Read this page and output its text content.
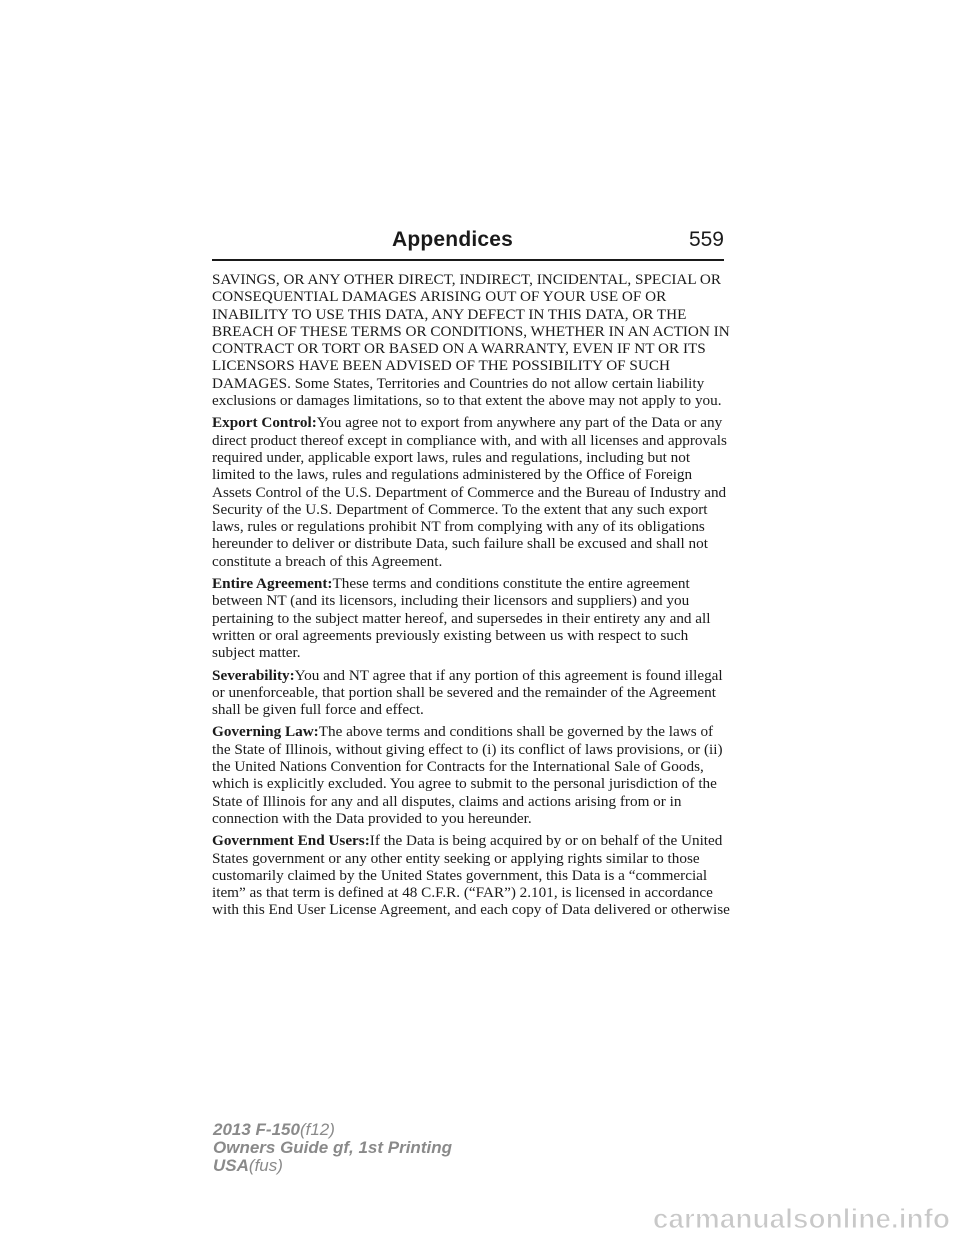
Appendices	559

SAVINGS, OR ANY OTHER DIRECT, INDIRECT, INCIDENTAL, SPECIAL OR CONSEQUENTIAL DAMAGES ARISING OUT OF YOUR USE OF OR INABILITY TO USE THIS DATA, ANY DEFECT IN THIS DATA, OR THE BREACH OF THESE TERMS OR CONDITIONS, WHETHER IN AN ACTION IN CONTRACT OR TORT OR BASED ON A WARRANTY, EVEN IF NT OR ITS LICENSORS HAVE BEEN ADVISED OF THE POSSIBILITY OF SUCH DAMAGES. Some States, Territories and Countries do not allow certain liability exclusions or damages limitations, so to that extent the above may not apply to you.

Export Control:You agree not to export from anywhere any part of the Data or any direct product thereof except in compliance with, and with all licenses and approvals required under, applicable export laws, rules and regulations, including but not limited to the laws, rules and regulations administered by the Office of Foreign Assets Control of the U.S. Department of Commerce and the Bureau of Industry and Security of the U.S. Department of Commerce. To the extent that any such export laws, rules or regulations prohibit NT from complying with any of its obligations hereunder to deliver or distribute Data, such failure shall be excused and shall not constitute a breach of this Agreement.

Entire Agreement:These terms and conditions constitute the entire agreement between NT (and its licensors, including their licensors and suppliers) and you pertaining to the subject matter hereof, and supersedes in their entirety any and all written or oral agreements previously existing between us with respect to such subject matter.

Severability:You and NT agree that if any portion of this agreement is found illegal or unenforceable, that portion shall be severed and the remainder of the Agreement shall be given full force and effect.

Governing Law:The above terms and conditions shall be governed by the laws of the State of Illinois, without giving effect to (i) its conflict of laws provisions, or (ii) the United Nations Convention for Contracts for the International Sale of Goods, which is explicitly excluded. You agree to submit to the personal jurisdiction of the State of Illinois for any and all disputes, claims and actions arising from or in connection with the Data provided to you hereunder.

Government End Users:If the Data is being acquired by or on behalf of the United States government or any other entity seeking or applying rights similar to those customarily claimed by the United States government, this Data is a “commercial item” as that term is defined at 48 C.F.R. (“FAR”) 2.101, is licensed in accordance with this End User License Agreement, and each copy of Data delivered or otherwise

2013 F-150(f12)
Owners Guide gf, 1st Printing
USA(fus)
carmanualsonline.info
